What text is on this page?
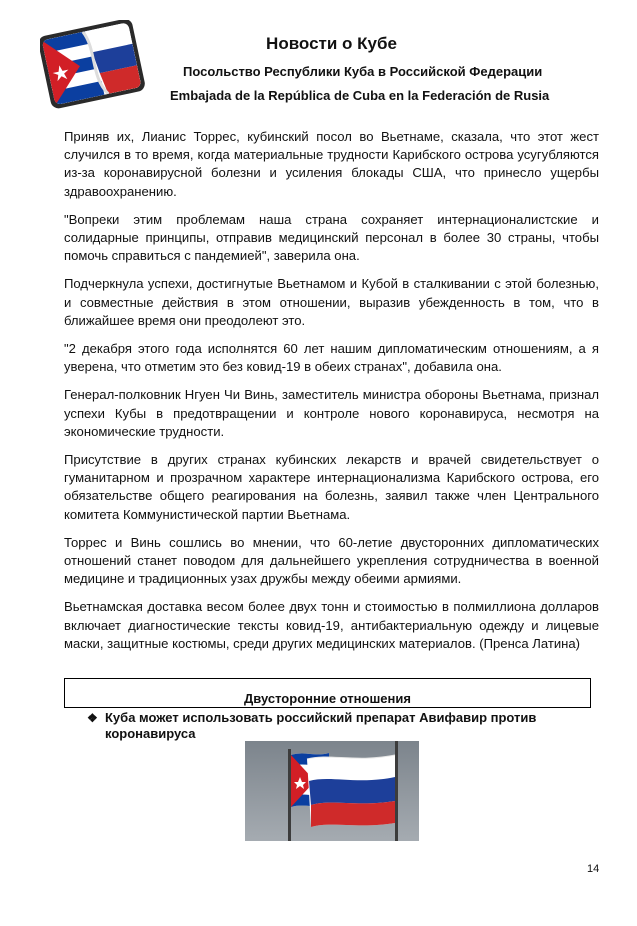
Новости о Кубе
Посольство Республики Куба в Российской Федерации
Embajada de la República de Cuba en la Federación de Rusia

Приняв их, Лианис Торрес, кубинский посол во Вьетнаме, сказала, что этот жест случился в то время, когда материальные трудности Карибского острова усугубляются из-за коронавирусной болезни и усиления блокады США, что принесло ущербы здравоохранению.

"Вопреки этим проблемам наша страна сохраняет интернационалистские и солидарные принципы, отправив медицинский персонал в более 30 страны, чтобы помочь справиться с пандемией", заверила она.

Подчеркнула успехи, достигнутые Вьетнамом и Кубой в сталкивании с этой болезнью, и совместные действия в этом отношении, выразив убежденность в том, что в ближайшее время они преодолеют это.

"2 декабря этого года исполнятся 60 лет нашим дипломатическим отношениям, а я уверена, что отметим это без ковид-19 в обеих странах", добавила она.

Генерал-полковник Нгуен Чи Винь, заместитель министра обороны Вьетнама, признал успехи Кубы в предотвращении и контроле нового коронавируса, несмотря на экономические трудности.

Присутствие в других странах кубинских лекарств и врачей свидетельствует о гуманитарном и прозрачном характере интернационализма Карибского острова, его обязательстве общего реагирования на болезнь, заявил также член Центрального комитета Коммунистической партии Вьетнама.

Торрес и Винь сошлись во мнении, что 60-летие двусторонних дипломатических отношений станет поводом для дальнейшего укрепления сотрудничества в военной медицине и традиционных узах дружбы между обеими армиями.

Вьетнамская доставка весом более двух тонн и стоимостью в полмиллиона долларов включает диагностические тексты ковид-19, антибактериальную одежду и лицевые маски, защитные костюмы, среди других медицинских материалов. (Пренса Латина)

Двусторонние отношения
❖ Куба может использовать российский препарат Авифавир против коронавируса
14
